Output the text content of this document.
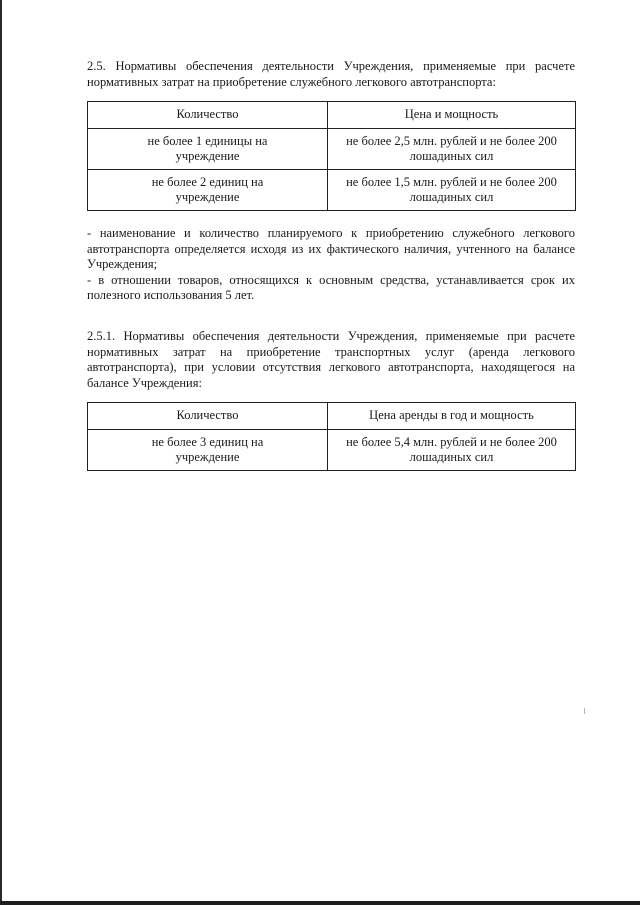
2.5. Нормативы обеспечения деятельности Учреждения, применяемые при расчете
нормативных затрат на приобретение служебного легкового автотранспорта:

Количество	Цена и мощность

не более 1 единицы на
учреждение	не более 2,5 млн. рублей и не более 200
лошадиных сил

не более 2 единиц на
учреждение	не более 1,5 млн. рублей и не более 200
лошадиных сил

- наименование и количество планируемого к приобретению служебного легкового
автотранспорта определяется исходя из их фактического наличия, учтенного на балансе
Учреждения;
- в отношении товаров, относящихся к основным средства, устанавливается срок их
полезного использования 5 лет.

2.5.1. Нормативы обеспечения деятельности Учреждения, применяемые при расчете
нормативных затрат на приобретение транспортных услуг (аренда легкового
автотранспорта), при условии отсутствия легкового автотранспорта, находящегося на
балансе Учреждения:

Количество	Цена аренды в год и мощность

не более 3 единиц на
учреждение	не более 5,4 млн. рублей и не более 200
лошадиных сил
